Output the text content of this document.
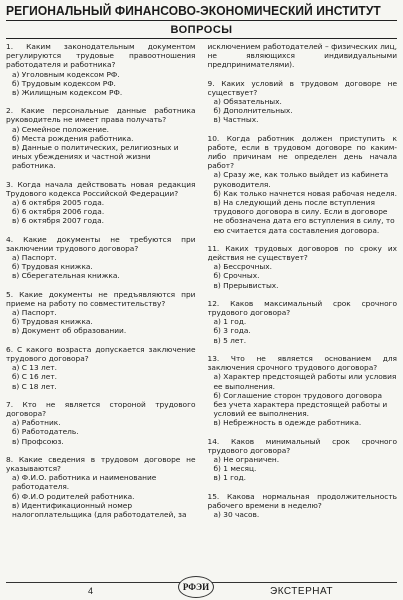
РЕГИОНАЛЬНЫЙ ФИНАНСОВО-ЭКОНОМИЧЕСКИЙ ИНСТИТУТ
ВОПРОСЫ
1. Каким законодательным документом регулируются трудовые правоотношения работодателя и работника?
а) Уголовным кодексом РФ.
б) Трудовым кодексом РФ.
в) Жилищным кодексом РФ.
2. Какие персональные данные работника руководитель не имеет права получать?
а) Семейное положение.
б) Места рождения работника.
в) Данные о политических, религиозных и иных убеждениях и частной жизни работника.
3. Когда начала действовать новая редакция Трудового кодекса Российской Федерации?
а) 6 октября 2005 года.
б) 6 октября 2006 года.
в) 6 октября 2007 года.
4. Какие документы не требуются при заключении трудового договора?
а) Паспорт.
б) Трудовая книжка.
в) Сберегательная книжка.
5. Какие документы не предъявляются при приеме на работу по совместительству?
а) Паспорт.
б) Трудовая книжка.
в) Документ об образовании.
6. С какого возраста допускается заключение трудового договора?
а) С 13 лет.
б) С 16 лет.
в) С 18 лет.
7. Кто не является стороной трудового договора?
а) Работник.
б) Работодатель.
в) Профсоюз.
8. Какие сведения в трудовом договоре не указываются?
а) Ф.И.О. работника и наименование работодателя.
б) Ф.И.О родителей работника.
в) Идентификационный номер налогоплательщика (для работодателей, за
исключением работодателей – физических лиц, не являющихся индивидуальными предпринимателями).
9. Каких условий в трудовом договоре не существует?
а) Обязательных.
б) Дополнительных.
в) Частных.
10. Когда работник должен приступить к работе, если в трудовом договоре по каким-либо причинам не определен день начала работ?
а) Сразу же, как только выйдет из кабинета руководителя.
б) Как только начнется новая рабочая неделя.
в) На следующий день после вступления трудового договора в силу. Если в договоре не обозначена дата его вступления в силу, то ею считается дата составления договора.
11. Каких трудовых договоров по сроку их действия не существует?
а) Бессрочных.
б) Срочных.
в) Прерывистых.
12. Каков максимальный срок срочного трудового договора?
а) 1 год.
б) 3 года.
в) 5 лет.
13. Что не является основанием для заключения срочного трудового договора?
а) Характер предстоящей работы или условия ее выполнения.
б) Соглашение сторон трудового договора без учета характера предстоящей работы и условий ее выполнения.
в) Небрежность в одежде работника.
14. Каков минимальный срок срочного трудового договора?
а) Не ограничен.
б) 1 месяц.
в) 1 год.
15. Какова нормальная продолжительность рабочего времени в неделю?
а) 30 часов.
4	РФЭИ	ЭКСТЕРНАТ
